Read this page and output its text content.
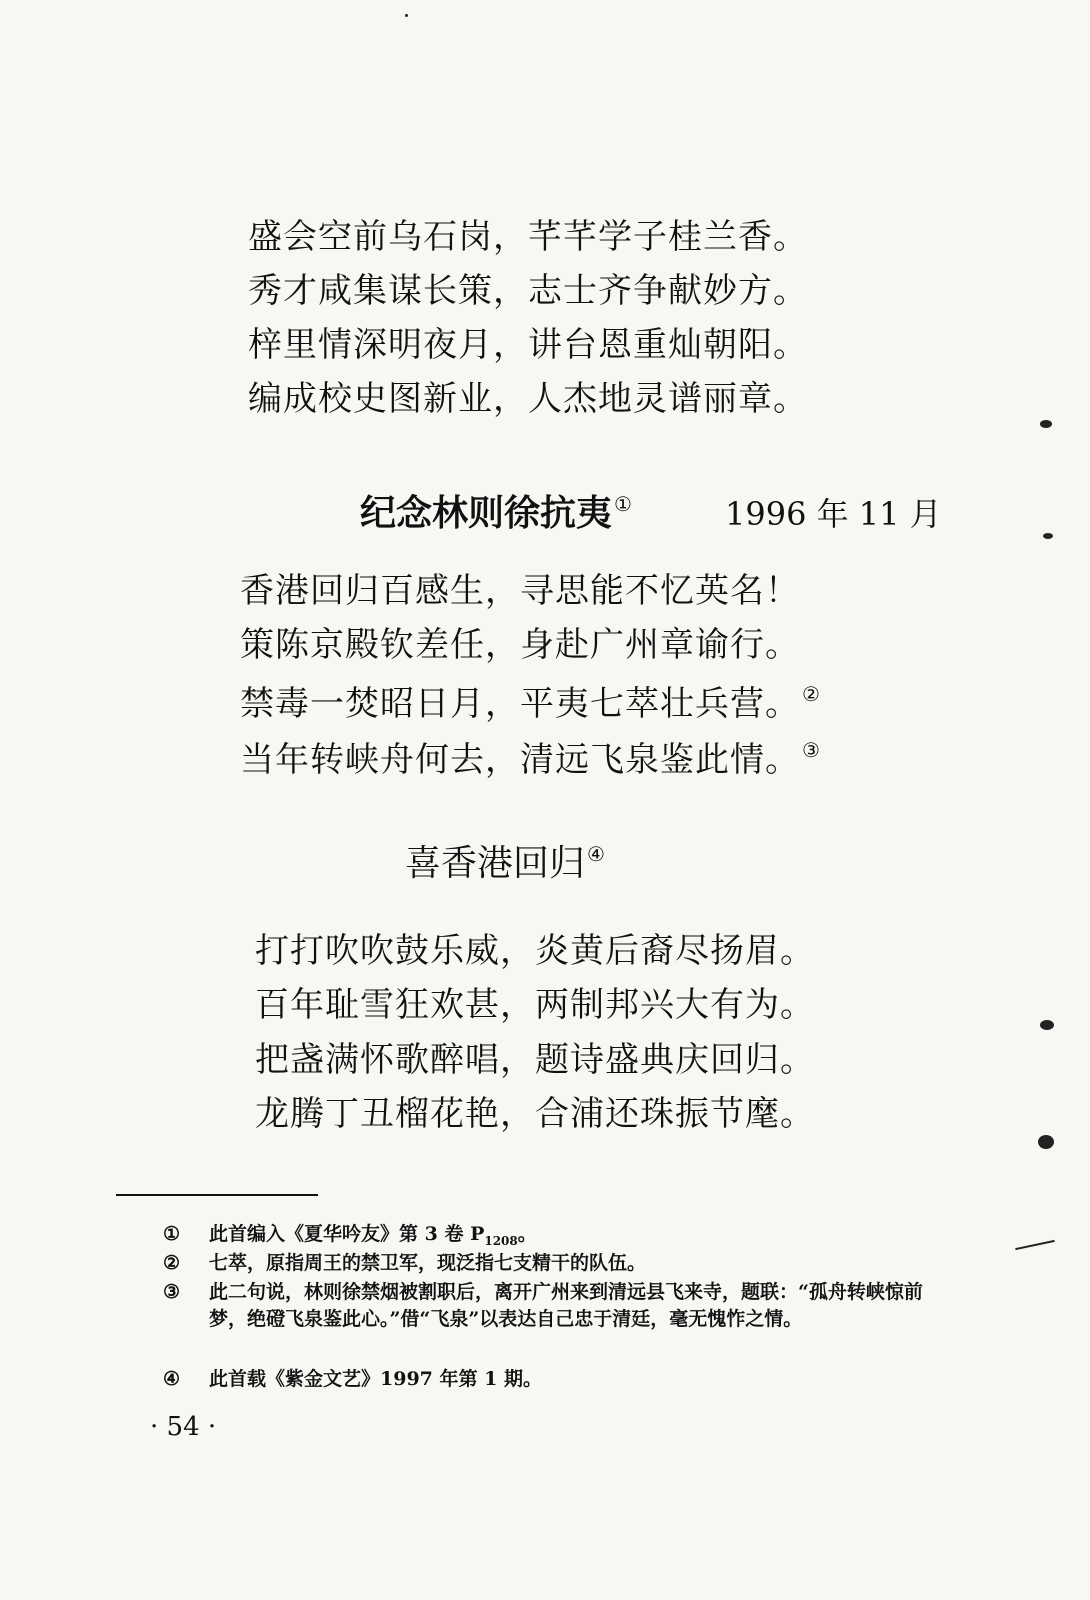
盛会空前乌石岗，芊芊学子桂兰香。
秀才咸集谋长策，志士齐争献妙方。
梓里情深明夜月，讲台恩重灿朝阳。
编成校史图新业，人杰地灵谱丽章。
纪念林则徐抗夷 ①	1996 年 11 月
香港回归百感生，寻思能不忆英名！
策陈京殿钦差任，身赴广州章谕行。
禁毒一焚昭日月，平夷七萃壮兵营。 ②
当年转峡舟何去，清远飞泉鉴此情。 ③
喜香港回归 ④
打打吹吹鼓乐威，炎黄后裔尽扬眉。
百年耻雪狂欢甚，两制邦兴大有为。
把盏满怀歌醉唱，题诗盛典庆回归。
龙腾丁丑榴花艳，合浦还珠振节麾。
① 此首编入《夏华吟友》第 3 卷 $P_{1208}$。
② 七萃，原指周王的禁卫军，现泛指七支精干的队伍。
③ 此二句说，林则徐禁烟被割职后，离开广州来到清远县飞来寺，题联：“孤舟转峡惊前梦，绝磴飞泉鉴此心。”借“飞泉”以表达自己忠于清廷，毫无愧怍之情。
④ 此首载《紫金文艺》1997 年第 1 期。
· 54 ·
